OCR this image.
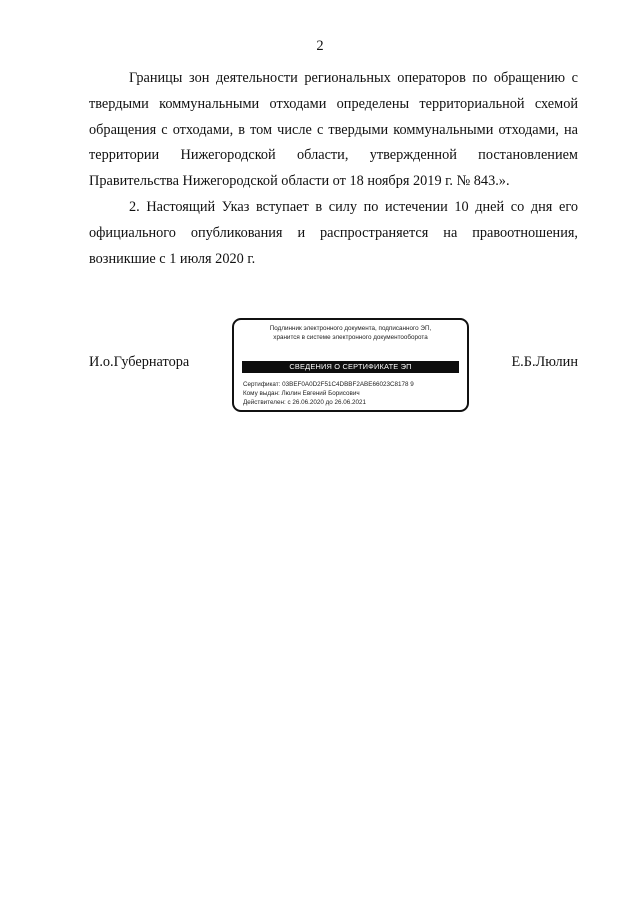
2

Границы зон деятельности региональных операторов по обращению с твердыми коммунальными отходами определены территориальной схемой обращения с отходами, в том числе с твердыми коммунальными отходами, на территории Нижегородской области, утвержденной постановлением Правительства Нижегородской области от 18 ноября 2019 г. № 843.».

2. Настоящий Указ вступает в силу по истечении 10 дней со дня его официального опубликования и распространяется на правоотношения, возникшие с 1 июля 2020 г.

И.о.Губернатора	Е.Б.Люлин
Подлинник электронного документа, подписанного ЭП,
хранится в системе электронного документооборота
СВЕДЕНИЯ О СЕРТИФИКАТЕ ЭП
Сертификат: 03BEF0A0D2F51C4DBBF2ABE66023C8178 9
Кому выдан: Люлин Евгений Борисович
Действителен: с 26.06.2020 до 26.06.2021
